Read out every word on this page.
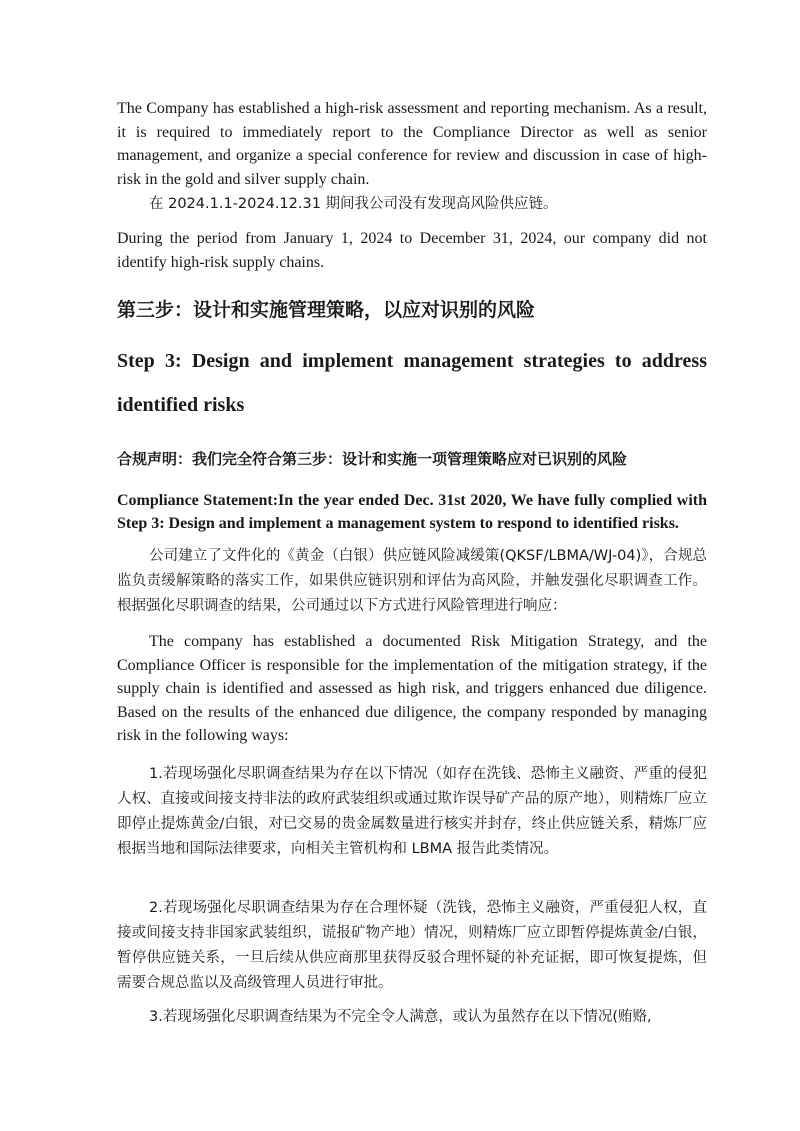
The Company has established a high-risk assessment and reporting mechanism. As a result, it is required to immediately report to the Compliance Director as well as senior management, and organize a special conference for review and discussion in case of high-risk in the gold and silver supply chain.

在 2024.1.1-2024.12.31 期间我公司没有发现高风险供应链。

During the period from January 1, 2024 to December 31, 2024, our company did not identify high-risk supply chains.

第三步：设计和实施管理策略，以应对识别的风险
Step 3: Design and implement management strategies to address identified risks
合规声明：我们完全符合第三步：设计和实施一项管理策略应对已识别的风险

Compliance Statement:In the year ended Dec. 31st 2020, We have fully complied with Step 3: Design and implement a management system to respond to identified risks.

公司建立了文件化的《黄金（白银）供应链风险减缓策(QKSF/LBMA/WJ-04)》，合规总监负责缓解策略的落实工作，如果供应链识别和评估为高风险，并触发强化尽职调查工作。根据强化尽职调查的结果，公司通过以下方式进行风险管理进行响应：

The company has established a documented Risk Mitigation Strategy, and the Compliance Officer is responsible for the implementation of the mitigation strategy, if the supply chain is identified and assessed as high risk, and triggers enhanced due diligence. Based on the results of the enhanced due diligence, the company responded by managing risk in the following ways:

1.若现场强化尽职调查结果为存在以下情况（如存在洗钱、恐怖主义融资、严重的侵犯人权、直接或间接支持非法的政府武装组织或通过欺诈误导矿产品的原产地），则精炼厂应立即停止提炼黄金/白银，对已交易的贵金属数量进行核实并封存，终止供应链关系，精炼厂应根据当地和国际法律要求，向相关主管机构和 LBMA 报告此类情况。

2.若现场强化尽职调查结果为存在合理怀疑（洗钱，恐怖主义融资，严重侵犯人权，直接或间接支持非国家武装组织，谎报矿物产地）情况，则精炼厂应立即暂停提炼黄金/白银，暂停供应链关系，一旦后续从供应商那里获得反驳合理怀疑的补充证据，即可恢复提炼，但需要合规总监以及高级管理人员进行审批。

3.若现场强化尽职调查结果为不完全令人满意，或认为虽然存在以下情况(贿赂,
